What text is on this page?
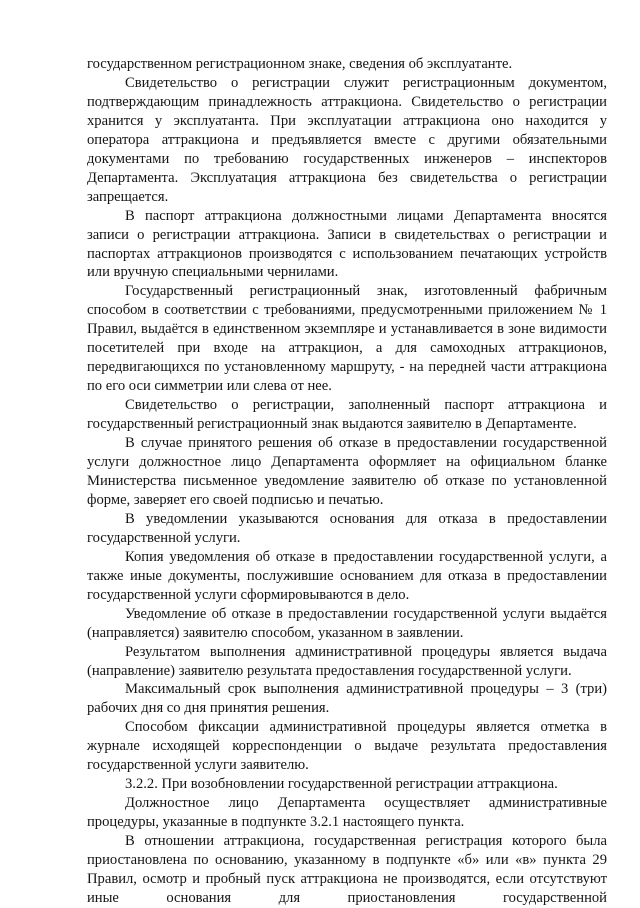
государственном регистрационном знаке, сведения об эксплуатанте.

Свидетельство о регистрации служит регистрационным документом, подтверждающим принадлежность аттракциона. Свидетельство о регистрации хранится у эксплуатанта. При эксплуатации аттракциона оно находится у оператора аттракциона и предъявляется вместе с другими обязательными документами по требованию государственных инженеров – инспекторов Департамента. Эксплуатация аттракциона без свидетельства о регистрации запрещается.

В паспорт аттракциона должностными лицами Департамента вносятся записи о регистрации аттракциона. Записи в свидетельствах о регистрации и паспортах аттракционов производятся с использованием печатающих устройств или вручную специальными чернилами.

Государственный регистрационный знак, изготовленный фабричным способом в соответствии с требованиями, предусмотренными приложением № 1 Правил, выдаётся в единственном экземпляре и устанавливается в зоне видимости посетителей при входе на аттракцион, а для самоходных аттракционов, передвигающихся по установленному маршруту, - на передней части аттракциона по его оси симметрии или слева от нее.

Свидетельство о регистрации, заполненный паспорт аттракциона и государственный регистрационный знак выдаются заявителю в Департаменте.

В случае принятого решения об отказе в предоставлении государственной услуги должностное лицо Департамента оформляет на официальном бланке Министерства письменное уведомление заявителю об отказе по установленной форме, заверяет его своей подписью и печатью.

В уведомлении указываются основания для отказа в предоставлении государственной услуги.

Копия уведомления об отказе в предоставлении государственной услуги, а также иные документы, послужившие основанием для отказа в предоставлении государственной услуги сформировываются в дело.

Уведомление об отказе в предоставлении государственной услуги выдаётся (направляется) заявителю способом, указанном в заявлении.

Результатом выполнения административной процедуры является выдача (направление) заявителю результата предоставления государственной услуги.

Максимальный срок выполнения административной процедуры – 3 (три) рабочих дня со дня принятия решения.

Способом фиксации административной процедуры является отметка в журнале исходящей корреспонденции о выдаче результата предоставления государственной услуги заявителю.

3.2.2. При возобновлении государственной регистрации аттракциона.

Должностное лицо Департамента осуществляет административные процедуры, указанные в подпункте 3.2.1 настоящего пункта.

В отношении аттракциона, государственная регистрация которого была приостановлена по основанию, указанному в подпункте «б» или «в» пункта 29 Правил, осмотр и пробный пуск аттракциона не производятся, если отсутствуют иные основания для приостановления государственной
